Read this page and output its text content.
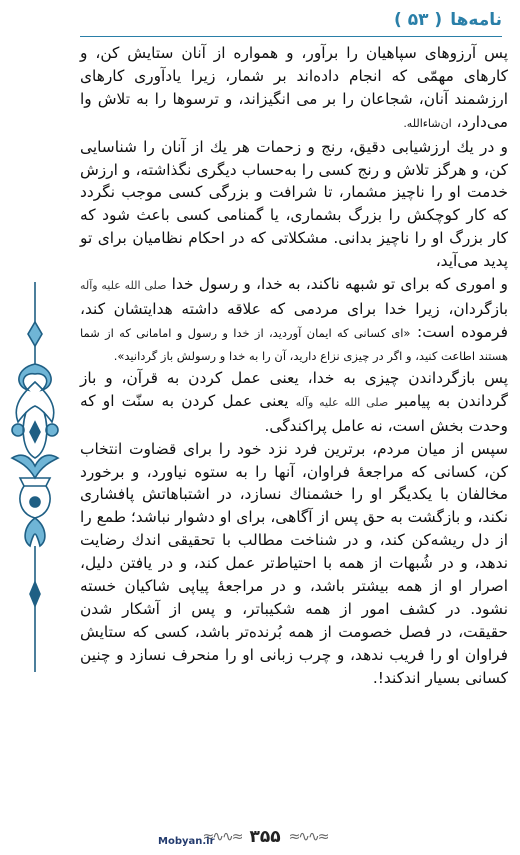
نامه‌ها
( ۵۳ )

پس آرزوهای سپاهیان را برآور، و همواره از آنان ستایش کن، و کارهای مهمّی که انجام داده‌اند بر شمار، زیرا یادآوری کارهای ارزشمند آنان، شجاعان را بر می انگیزاند، و ترسوها را به تلاش وا می‌دارد، ان‌شاءالله.

و در یك ارزشیابی دقیق، رنج و زحمات هر یك از آنان را شناسایی کن، و هرگز تلاش و رنج کسی را به‌حساب دیگری نگذاشته، و ارزش خدمت او را ناچیز مشمار، تا شرافت و بزرگی کسی موجب نگردد که کار کوچکش را بزرگ بشماری، یا گمنامی کسی باعث شود که کار بزرگ او را ناچیز بدانی. مشکلاتی که در احکام نظامیان برای تو پدید می‌آید،

و اموری که برای تو شبهه ناکند، به خدا، و رسول خدا صلی الله علیه وآله بازگردان، زیرا خدا برای مردمی که علاقه داشته هدایتشان کند، فرموده است: «ای کسانی که ایمان آوردید، از خدا و رسول و امامانی که از شما هستند اطاعت کنید، و اگر در چیزی نزاع دارید، آن را به خدا و رسولش باز گردانید».

پس بازگرداندن چیزی به خدا، یعنی عمل کردن به قرآن، و باز گرداندن به پیامبر صلی الله علیه وآله یعنی عمل کردن به سنّت او که وحدت بخش است، نه عامل پراکندگی.

سپس از میان مردم، برترین فرد نزد خود را برای قضاوت انتخاب کن، کسانی که مراجعهٔ فراوان، آنها را به ستوه نیاورد، و برخورد مخالفان با یکدیگر او را خشمناك نسازد، در اشتباهاتش پافشاری نکند، و بازگشت به حق پس از آگاهی، برای او دشوار نباشد؛ طمع را از دل ریشه‌کن کند، و در شناخت مطالب با تحقیقی اندك رضایت ندهد، و در شُبهات از همه با احتیاط‌تر عمل کند، و در یافتن دلیل، اصرار او از همه بیشتر باشد، و در مراجعهٔ پیاپی شاکیان خسته نشود. در کشف امور از همه شکیباتر، و پس از آشکار شدن حقیقت، در فصل خصومت از همه بُرنده‌تر باشد، کسی که ستایش فراوان او را فریب ندهد، و چرب زبانی او را منحرف نسازد و چنین کسانی بسیار اندکند!.

≈∿∿≈
۳۵۵
≈∿∿≈
Mobyan.ir
